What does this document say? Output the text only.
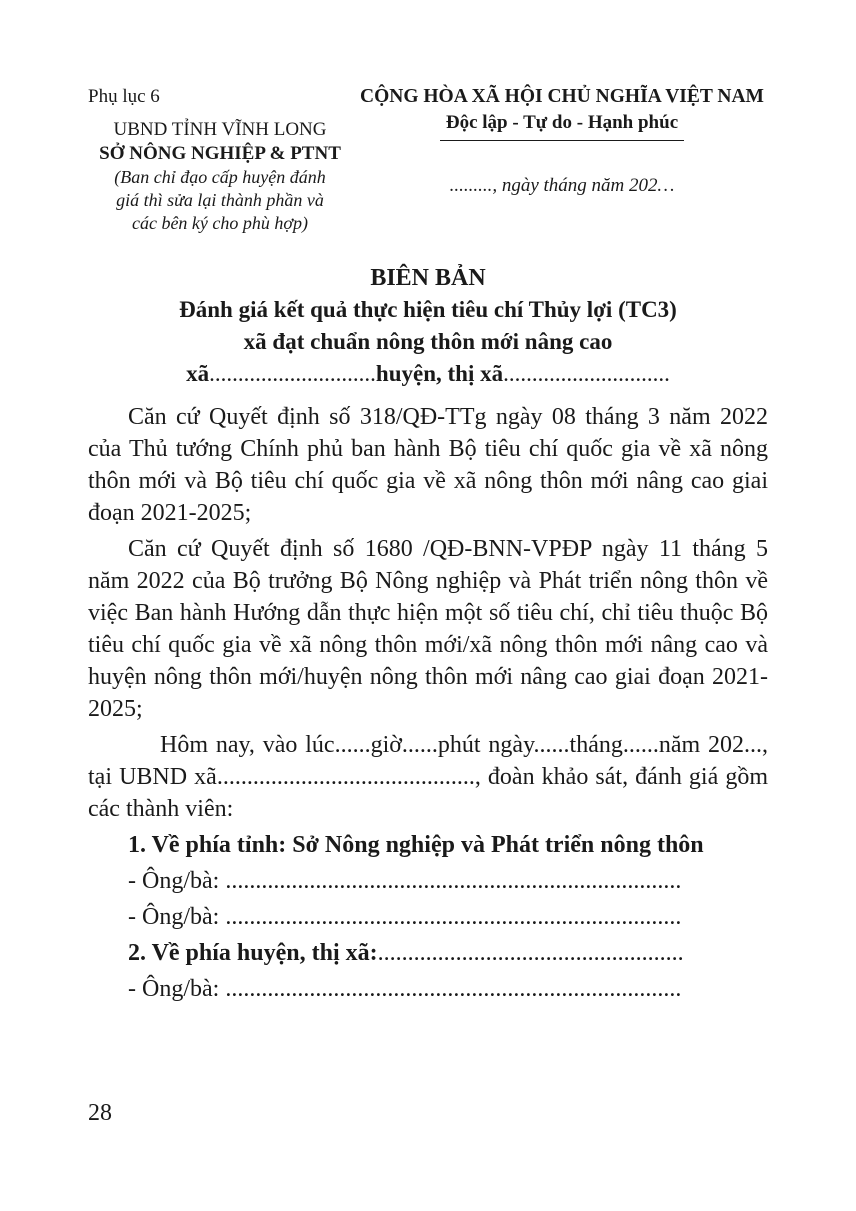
Phụ lục 6
UBND TỈNH VĨNH LONG
SỞ NÔNG NGHIỆP & PTNT
(Ban chỉ đạo cấp huyện đánh
giá thì sửa lại thành phần và
các bên ký cho phù hợp)
CỘNG HÒA XÃ HỘI CHỦ NGHĨA VIỆT NAM
Độc lập - Tự do - Hạnh phúc
........., ngày tháng năm 202…
BIÊN BẢN
Đánh giá kết quả thực hiện tiêu chí Thủy lợi (TC3)
xã đạt chuẩn nông thôn mới nâng cao
xã.............................huyện, thị xã.............................

Căn cứ Quyết định số 318/QĐ-TTg ngày 08 tháng 3 năm 2022 của Thủ tướng Chính phủ ban hành Bộ tiêu chí quốc gia về xã nông thôn mới và Bộ tiêu chí quốc gia về xã nông thôn mới nâng cao giai đoạn 2021-2025;

Căn cứ Quyết định số 1680 /QĐ-BNN-VPĐP ngày 11 tháng 5 năm 2022 của Bộ trưởng Bộ Nông nghiệp và Phát triển nông thôn về việc Ban hành Hướng dẫn thực hiện một số tiêu chí, chỉ tiêu thuộc Bộ tiêu chí quốc gia về xã nông thôn mới/xã nông thôn mới nâng cao và huyện nông thôn mới/huyện nông thôn mới nâng cao giai đoạn 2021-2025;

Hôm nay, vào lúc......giờ......phút ngày......tháng......năm 202..., tại UBND xã..........................................., đoàn khảo sát, đánh giá gồm các thành viên:

1. Về phía tỉnh: Sở Nông nghiệp và Phát triển nông thôn
- Ông/bà: ............................................................................
- Ông/bà: ............................................................................
2. Về phía huyện, thị xã:...................................................
- Ông/bà: ............................................................................
28
